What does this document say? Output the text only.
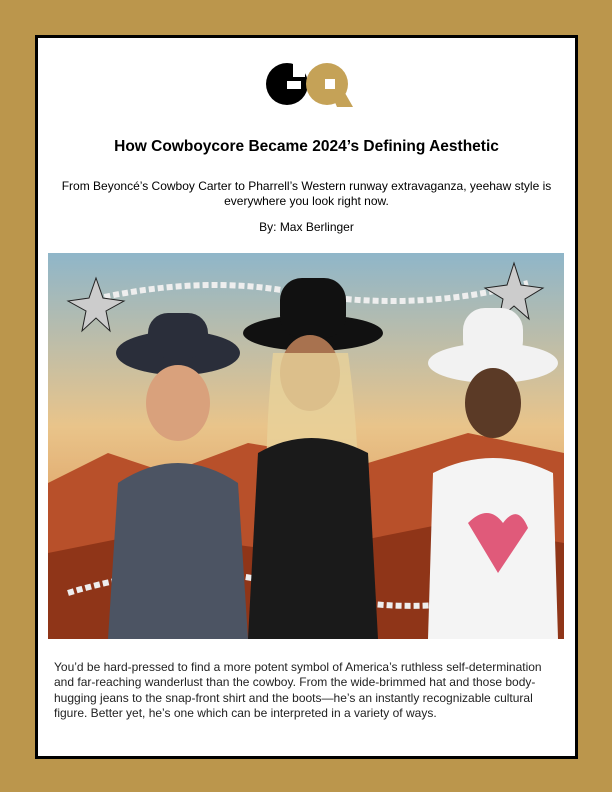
How Cowboycore Became 2024’s Defining Aesthetic
From Beyoncé’s Cowboy Carter to Pharrell’s Western runway extravaganza, yeehaw style is everywhere you look right now.
By: Max Berlinger
You’d be hard-pressed to find a more potent symbol of America’s ruthless self-determination and far-reaching wanderlust than the cowboy. From the wide-brimmed hat and those body-hugging jeans to the snap-front shirt and the boots—he’s an instantly recognizable cultural figure. Better yet, he’s one which can be interpreted in a variety of ways.
